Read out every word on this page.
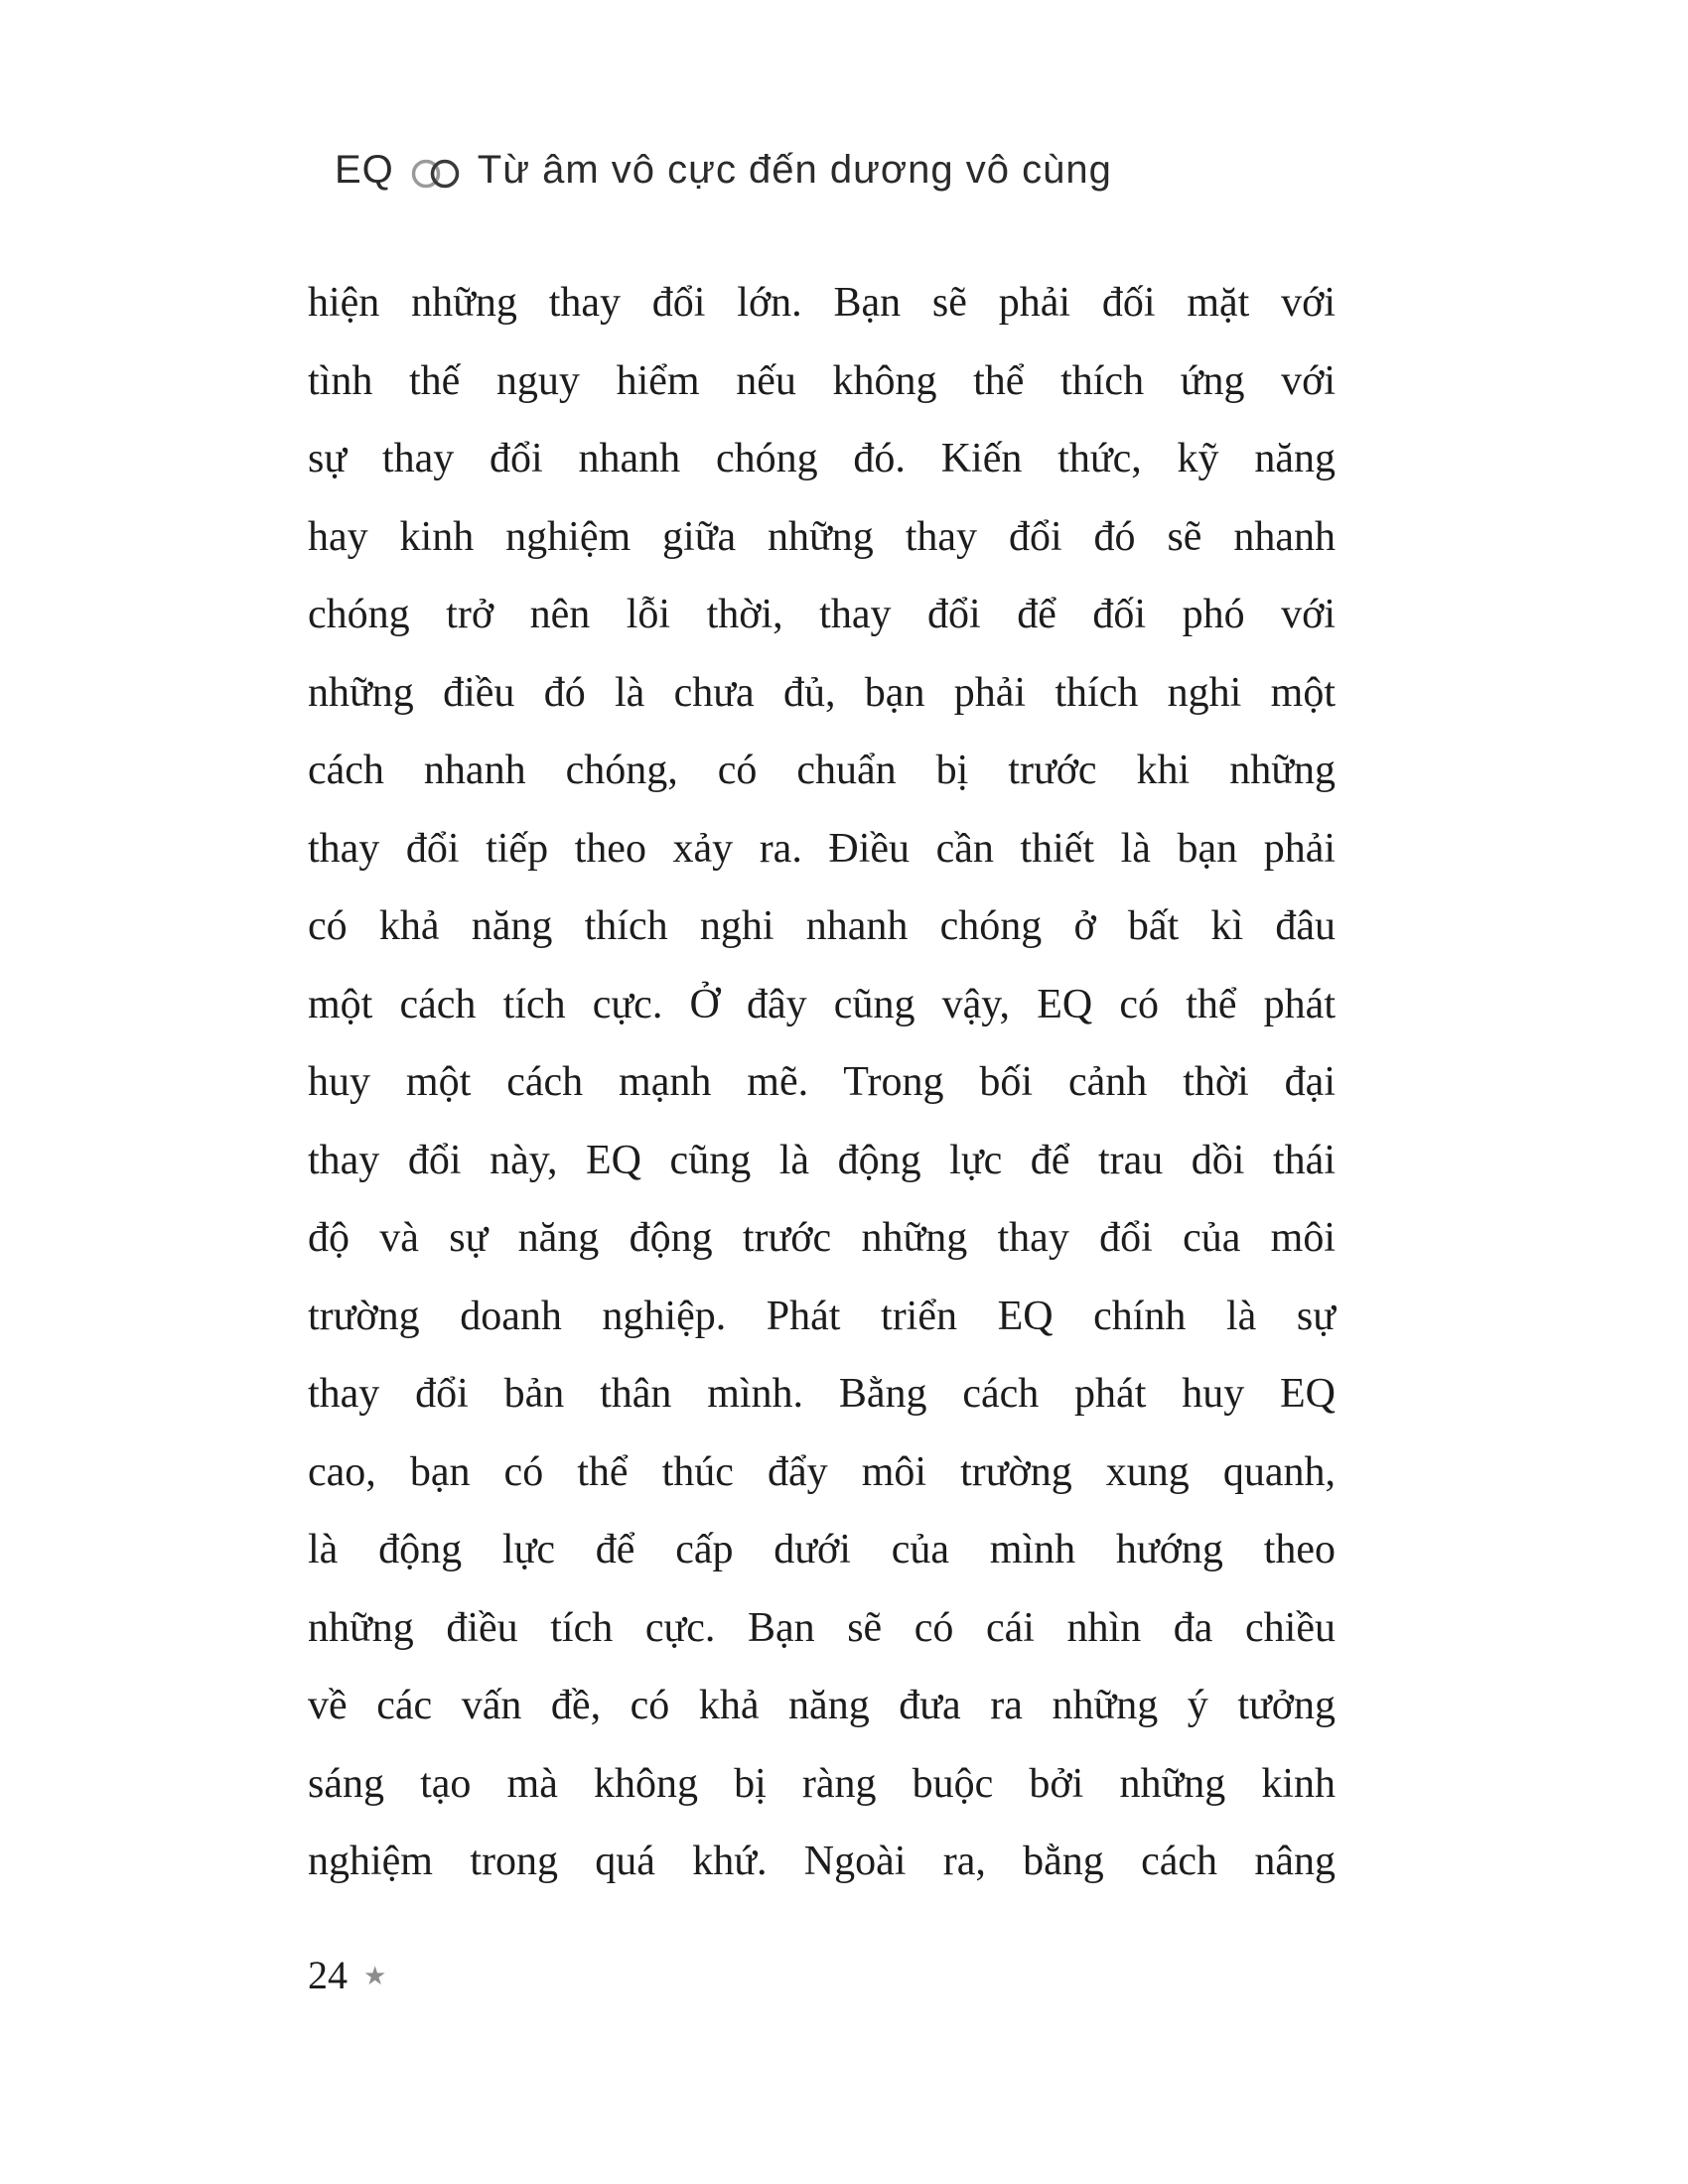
EQ Từ âm vô cực đến dương vô cùng
hiện những thay đổi lớn. Bạn sẽ phải đối mặt với
tình thế nguy hiểm nếu không thể thích ứng với
sự thay đổi nhanh chóng đó. Kiến thức, kỹ năng
hay kinh nghiệm giữa những thay đổi đó sẽ nhanh
chóng trở nên lỗi thời, thay đổi để đối phó với
những điều đó là chưa đủ, bạn phải thích nghi một
cách nhanh chóng, có chuẩn bị trước khi những
thay đổi tiếp theo xảy ra. Điều cần thiết là bạn phải
có khả năng thích nghi nhanh chóng ở bất kì đâu
một cách tích cực. Ở đây cũng vậy, EQ có thể phát
huy một cách mạnh mẽ. Trong bối cảnh thời đại
thay đổi này, EQ cũng là động lực để trau dồi thái
độ và sự năng động trước những thay đổi của môi
trường doanh nghiệp. Phát triển EQ chính là sự
thay đổi bản thân mình. Bằng cách phát huy EQ
cao, bạn có thể thúc đẩy môi trường xung quanh,
là động lực để cấp dưới của mình hướng theo
những điều tích cực. Bạn sẽ có cái nhìn đa chiều
về các vấn đề, có khả năng đưa ra những ý tưởng
sáng tạo mà không bị ràng buộc bởi những kinh
nghiệm trong quá khứ. Ngoài ra, bằng cách nâng
24 ★
